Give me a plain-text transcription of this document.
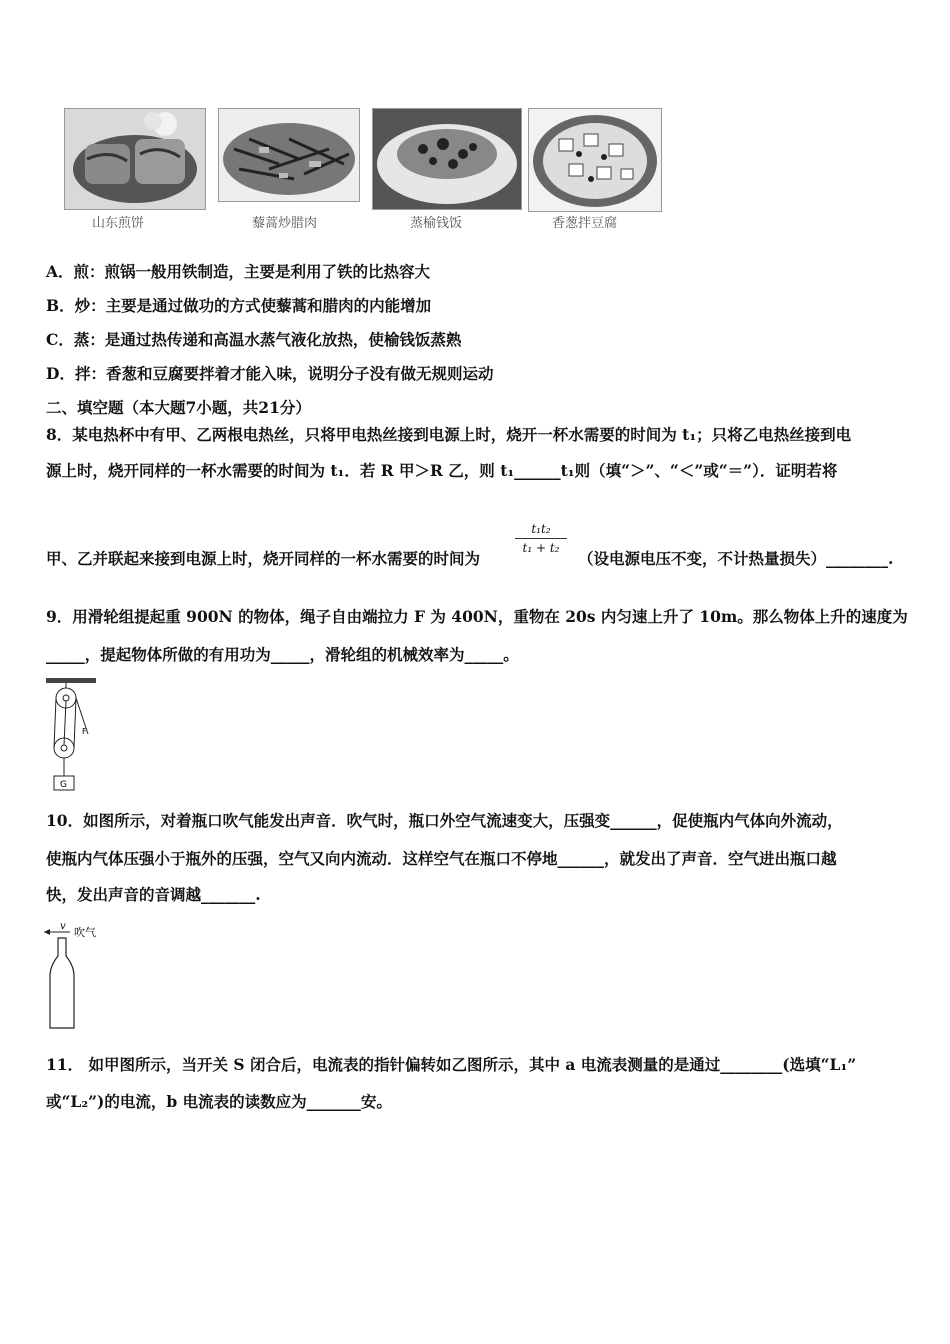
山东煎饼	藜蒿炒腊肉	蒸榆钱饭	香葱拌豆腐
A．煎：煎锅一般用铁制造，主要是利用了铁的比热容大
B．炒：主要是通过做功的方式使藜蒿和腊肉的内能增加
C．蒸：是通过热传递和高温水蒸气液化放热，使榆钱饭蒸熟
D．拌：香葱和豆腐要拌着才能入味，说明分子没有做无规则运动
二、填空题（本大题7小题，共21分）
8．某电热杯中有甲、乙两根电热丝，只将甲电热丝接到电源上时，烧开一杯水需要的时间为 t₁；只将乙电热丝接到电
源上时，烧开同样的一杯水需要的时间为 t₁．若 R 甲＞R 乙，则 t₁______t₁则（填“＞”、“＜”或“＝”）．证明若将
甲、乙并联起来接到电源上时，烧开同样的一杯水需要的时间为
$\frac{\text{t₁t₂}}{\text{t₁ + t₂}}$
（设电源电压不变，不计热量损失）________.
9．用滑轮组提起重 900N 的物体，绳子自由端拉力 F 为 400N，重物在 20s 内匀速上升了 10m。那么物体上升的速度为
_____，提起物体所做的有用功为_____，滑轮组的机械效率为_____。
F
G
10．如图所示，对着瓶口吹气能发出声音．吹气时，瓶口外空气流速变大，压强变______，促使瓶内气体向外流动，
使瓶内气体压强小于瓶外的压强，空气又向内流动．这样空气在瓶口不停地______，就发出了声音．空气进出瓶口越
快，发出声音的音调越_______.
v 吹气
11． 如甲图所示，当开关 S 闭合后，电流表的指针偏转如乙图所示，其中 a 电流表测量的是通过________(选填“L₁”
或“L₂”)的电流，b 电流表的读数应为_______安。
